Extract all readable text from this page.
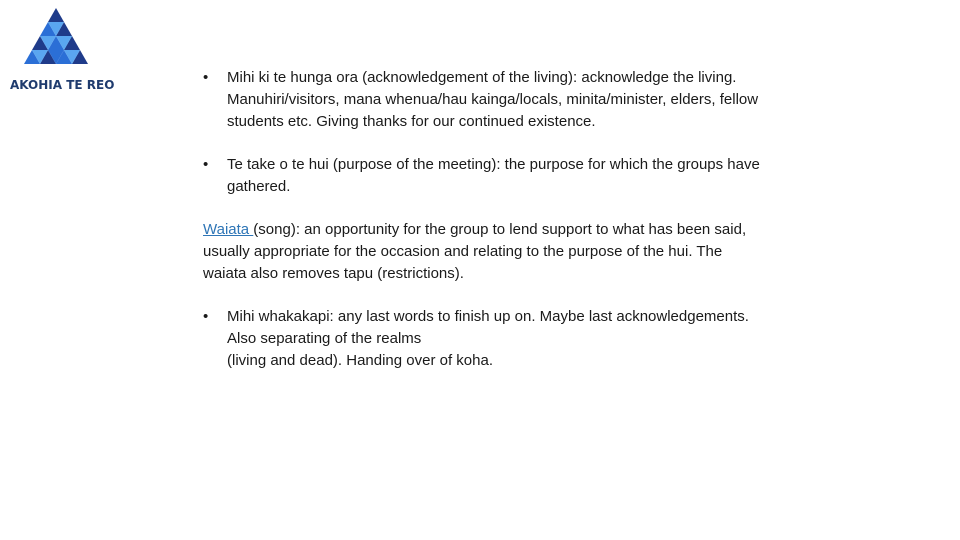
AKOHIA TE REO	• Mihi ki te hunga ora (acknowledgement of the living): acknowledge the living. Manuhiri/visitors, mana whenua/hau kainga/locals, minita/minister, elders, fellow students etc. Giving thanks for our continued existence.
• Te take o te hui (purpose of the meeting): the purpose for which the groups have gathered.

Waiata (song): an opportunity for the group to lend support to what has been said, usually appropriate for the occasion and relating to the purpose of the hui. The waiata also removes tapu (restrictions).

• Mihi whakakapi: any last words to finish up on. Maybe last acknowledgements. Also separating of the realms
(living and dead). Handing over of koha.
